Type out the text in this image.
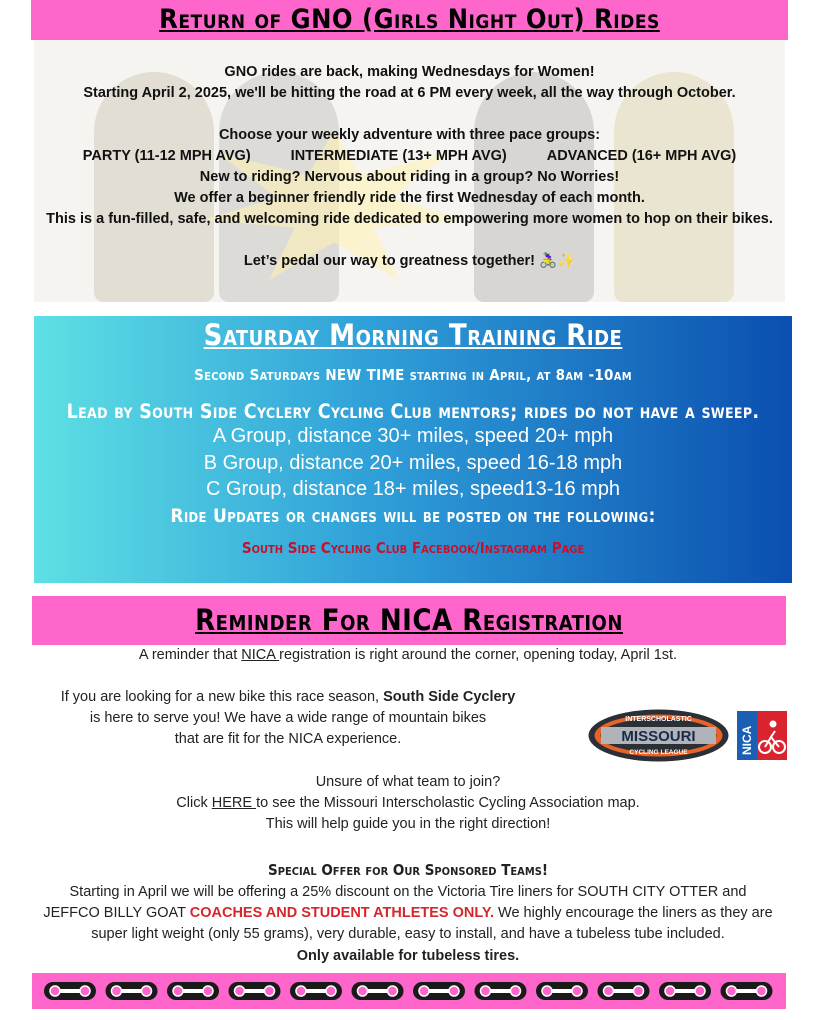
Return of GNO (Girls Night Out) Rides

GNO rides are back, making Wednesdays for Women!

Starting April 2, 2025, we'll be hitting the road at 6 PM every week, all the way through October.

Choose your weekly adventure with three pace groups:

PARTY (11-12 MPH AVG)	INTERMEDIATE (13+ MPH AVG)	ADVANCED (16+ MPH AVG)

New to riding? Nervous about riding in a group? No Worries!

We offer a beginner friendly ride the first Wednesday of each month.

This is a fun-filled, safe, and welcoming ride dedicated to empowering more women to hop on their bikes.

Let’s pedal our way to greatness together! 🚴‍♀️✨

Saturday Morning Training Ride
Second Saturdays NEW TIME starting in April, at 8am -10am
Lead by South Side Cyclery Cycling Club mentors; rides do not have a sweep.
A Group, distance 30+ miles, speed 20+ mph
B Group, distance 20+ miles, speed 16-18 mph
C Group, distance 18+ miles, speed13-16 mph
Ride Updates or changes will be posted on the following:
South Side Cycling Club Facebook/Instagram Page
Reminder For NICA Registration
A reminder that NICA registration is right around the corner, opening today, April 1st.
If you are looking for a new bike this race season, South Side Cyclery
is here to serve you! We have a wide range of mountain bikes
that are fit for the NICA experience.
INTERSCHOLASTIC
MISSOURI
CYCLING LEAGUE	NICA
Unsure of what team to join?
Click HERE to see the Missouri Interscholastic Cycling Association map.
This will help guide you in the right direction!
Special Offer for Our Sponsored Teams!
Starting in April we will be offering a 25% discount on the Victoria Tire liners for SOUTH CITY OTTER and
JEFFCO BILLY GOAT COACHES AND STUDENT ATHLETES ONLY. We highly encourage the liners as they are
super light weight (only 55 grams), very durable, easy to install, and have a tubeless tube included.
Only available for tubeless tires.
